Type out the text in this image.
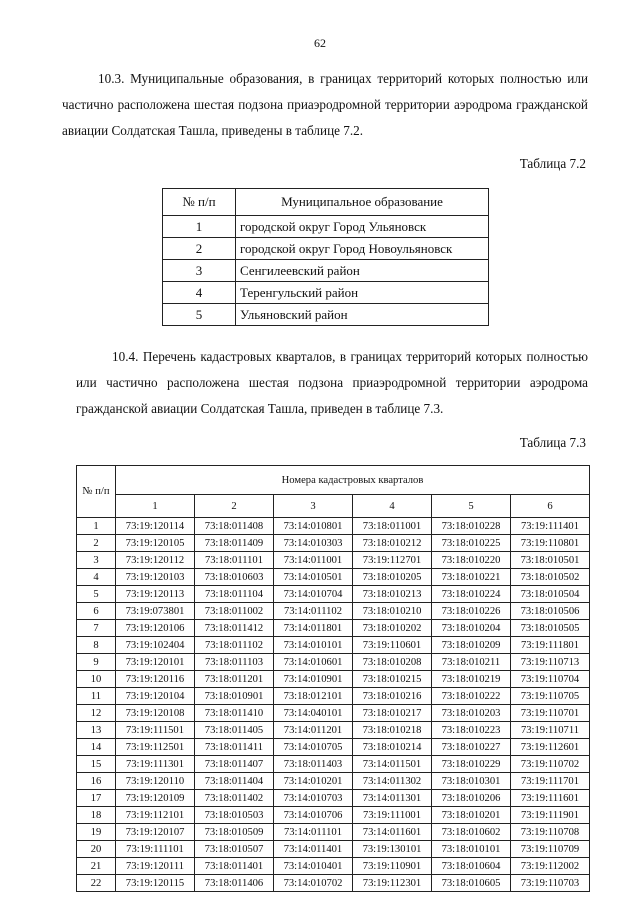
62

10.3. Муниципальные образования, в границах территорий которых полностью или частично расположена шестая подзона приаэродромной территории аэродрома гражданской авиации Солдатская Ташла, приведены в таблице 7.2.

Таблица 7.2
№ п/п	Муниципальное образование
1	городской округ Город Ульяновск
2	городской округ Город Новоульяновск
3	Сенгилеевский район
4	Теренгульский район
5	Ульяновский район

10.4. Перечень кадастровых кварталов, в границах территорий которых полностью или частично расположена шестая подзона приаэродромной территории аэродрома гражданской авиации Солдатская Ташла, приведен в таблице 7.3.

Таблица 7.3
№ п/п	Номера кадастровых кварталов					
	1	2	3	4	5	6
1	73:19:120114	73:18:011408	73:14:010801	73:18:011001	73:18:010228	73:19:111401
2	73:19:120105	73:18:011409	73:14:010303	73:18:010212	73:18:010225	73:19:110801
3	73:19:120112	73:18:011101	73:14:011001	73:19:112701	73:18:010220	73:18:010501
4	73:19:120103	73:18:010603	73:14:010501	73:18:010205	73:18:010221	73:18:010502
5	73:19:120113	73:18:011104	73:14:010704	73:18:010213	73:18:010224	73:18:010504
6	73:19:073801	73:18:011002	73:14:011102	73:18:010210	73:18:010226	73:18:010506
7	73:19:120106	73:18:011412	73:14:011801	73:18:010202	73:18:010204	73:18:010505
8	73:19:102404	73:18:011102	73:14:010101	73:19:110601	73:18:010209	73:19:111801
9	73:19:120101	73:18:011103	73:14:010601	73:18:010208	73:18:010211	73:19:110713
10	73:19:120116	73:18:011201	73:14:010901	73:18:010215	73:18:010219	73:19:110704
11	73:19:120104	73:18:010901	73:18:012101	73:18:010216	73:18:010222	73:19:110705
12	73:19:120108	73:18:011410	73:14:040101	73:18:010217	73:18:010203	73:19:110701
13	73:19:111501	73:18:011405	73:14:011201	73:18:010218	73:18:010223	73:19:110711
14	73:19:112501	73:18:011411	73:14:010705	73:18:010214	73:18:010227	73:19:112601
15	73:19:111301	73:18:011407	73:18:011403	73:14:011501	73:18:010229	73:19:110702
16	73:19:120110	73:18:011404	73:14:010201	73:14:011302	73:18:010301	73:19:111701
17	73:19:120109	73:18:011402	73:14:010703	73:14:011301	73:18:010206	73:19:111601
18	73:19:112101	73:18:010503	73:14:010706	73:19:111001	73:18:010201	73:19:111901
19	73:19:120107	73:18:010509	73:14:011101	73:14:011601	73:18:010602	73:19:110708
20	73:19:111101	73:18:010507	73:14:011401	73:19:130101	73:18:010101	73:19:110709
21	73:19:120111	73:18:011401	73:14:010401	73:19:110901	73:18:010604	73:19:112002
22	73:19:120115	73:18:011406	73:14:010702	73:19:112301	73:18:010605	73:19:110703
